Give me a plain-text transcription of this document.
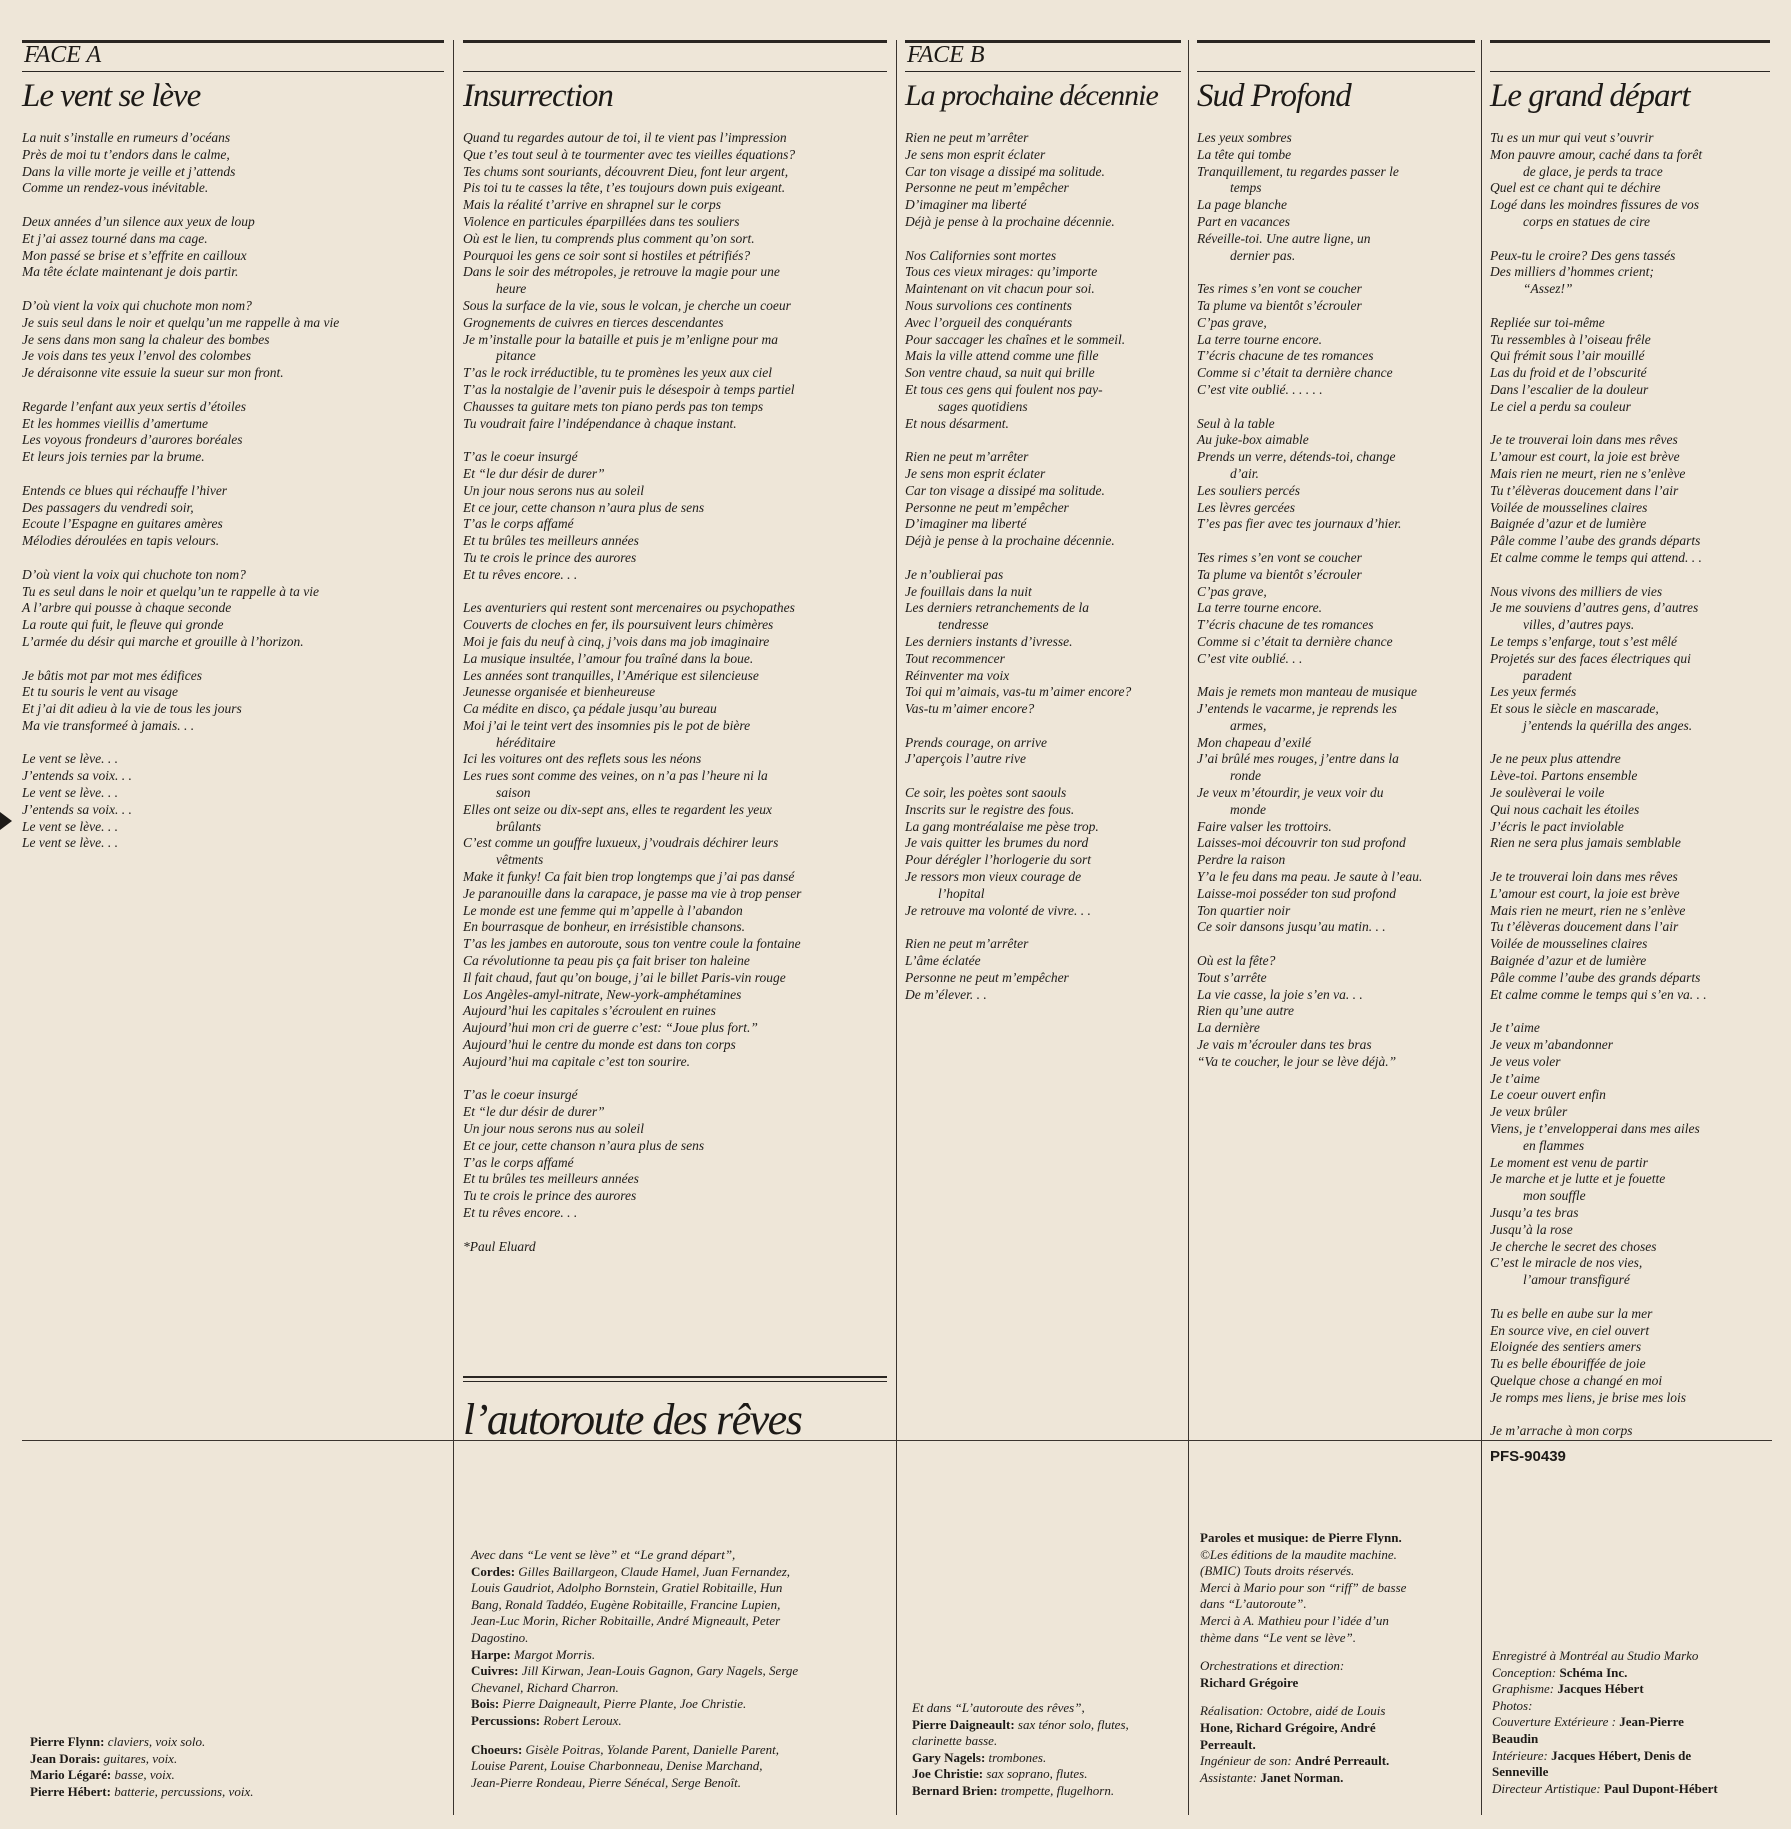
FACE A
Le vent se lève

La nuit s’installe en rumeurs d’océans
Près de moi tu t’endors dans le calme,
Dans la ville morte je veille et j’attends
Comme un rendez-vous inévitable.

Deux années d’un silence aux yeux de loup
Et j’ai assez tourné dans ma cage.
Mon passé se brise et s’effrite en cailloux
Ma tête éclate maintenant je dois partir.

D’où vient la voix qui chuchote mon nom?
Je suis seul dans le noir et quelqu’un me rappelle à ma vie
Je sens dans mon sang la chaleur des bombes
Je vois dans tes yeux l’envol des colombes
Je déraisonne vite essuie la sueur sur mon front.

Regarde l’enfant aux yeux sertis d’étoiles
Et les hommes vieillis d’amertume
Les voyous frondeurs d’aurores boréales
Et leurs jois ternies par la brume.

Entends ce blues qui réchauffe l’hiver
Des passagers du vendredi soir,
Ecoute l’Espagne en guitares amères
Mélodies déroulées en tapis velours.

D’où vient la voix qui chuchote ton nom?
Tu es seul dans le noir et quelqu’un te rappelle à ta vie
A l’arbre qui pousse à chaque seconde
La route qui fuit, le fleuve qui gronde
L’armée du désir qui marche et grouille à l’horizon.

Je bâtis mot par mot mes édifices
Et tu souris le vent au visage
Et j’ai dit adieu à la vie de tous les jours
Ma vie transformeé à jamais. . .

Le vent se lève. . .
J’entends sa voix. . .
Le vent se lève. . .
J’entends sa voix. . .
Le vent se lève. . .
Le vent se lève. . .

Insurrection

Quand tu regardes autour de toi, il te vient pas l’impression
Que t’es tout seul à te tourmenter avec tes vieilles équations?
Tes chums sont souriants, découvrent Dieu, font leur argent,
Pis toi tu te casses la tête, t’es toujours down puis exigeant.
Mais la réalité t’arrive en shrapnel sur le corps
Violence en particules éparpillées dans tes souliers
Où est le lien, tu comprends plus comment qu’on sort.
Pourquoi les gens ce soir sont si hostiles et pétrifiés?
Dans le soir des métropoles, je retrouve la magie pour une
heure
Sous la surface de la vie, sous le volcan, je cherche un coeur
Grognements de cuivres en tierces descendantes
Je m’installe pour la bataille et puis je m’enligne pour ma
pitance
T’as le rock irréductible, tu te promènes les yeux aux ciel
T’as la nostalgie de l’avenir puis le désespoir à temps partiel
Chausses ta guitare mets ton piano perds pas ton temps
Tu voudrait faire l’indépendance à chaque instant.

T’as le coeur insurgé
Et “le dur désir de durer”
Un jour nous serons nus au soleil
Et ce jour, cette chanson n’aura plus de sens
T’as le corps affamé
Et tu brûles tes meilleurs années
Tu te crois le prince des aurores
Et tu rêves encore. . .

Les aventuriers qui restent sont mercenaires ou psychopathes
Couverts de cloches en fer, ils poursuivent leurs chimères
Moi je fais du neuf à cinq, j’vois dans ma job imaginaire
La musique insultée, l’amour fou traîné dans la boue.
Les années sont tranquilles, l’Amérique est silencieuse
Jeunesse organisée et bienheureuse
Ca médite en disco, ça pédale jusqu’au bureau
Moi j’ai le teint vert des insomnies pis le pot de bière
héréditaire
Ici les voitures ont des reflets sous les néons
Les rues sont comme des veines, on n’a pas l’heure ni la
saison
Elles ont seize ou dix-sept ans, elles te regardent les yeux
brûlants
C’est comme un gouffre luxueux, j’voudrais déchirer leurs
vêtments
Make it funky! Ca fait bien trop longtemps que j’ai pas dansé
Je paranouille dans la carapace, je passe ma vie à trop penser
Le monde est une femme qui m’appelle à l’abandon
En bourrasque de bonheur, en irrésistible chansons.
T’as les jambes en autoroute, sous ton ventre coule la fontaine
Ca révolutionne ta peau pis ça fait briser ton haleine
Il fait chaud, faut qu’on bouge, j’ai le billet Paris-vin rouge
Los Angèles-amyl-nitrate, New-york-amphétamines
Aujourd’hui les capitales s’écroulent en ruines
Aujourd’hui mon cri de guerre c’est: “Joue plus fort.”
Aujourd’hui le centre du monde est dans ton corps
Aujourd’hui ma capitale c’est ton sourire.

T’as le coeur insurgé
Et “le dur désir de durer”
Un jour nous serons nus au soleil
Et ce jour, cette chanson n’aura plus de sens
T’as le corps affamé
Et tu brûles tes meilleurs années
Tu te crois le prince des aurores
Et tu rêves encore. . .

*Paul Eluard

FACE B
La prochaine décennie

Rien ne peut m’arrêter
Je sens mon esprit éclater
Car ton visage a dissipé ma solitude.
Personne ne peut m’empêcher
D’imaginer ma liberté
Déjà je pense à la prochaine décennie.

Nos Californies sont mortes
Tous ces vieux mirages: qu’importe
Maintenant on vit chacun pour soi.
Nous survolions ces continents
Avec l’orgueil des conquérants
Pour saccager les chaînes et le sommeil.
Mais la ville attend comme une fille
Son ventre chaud, sa nuit qui brille
Et tous ces gens qui foulent nos pay-
sages quotidiens
Et nous désarment.

Rien ne peut m’arrêter
Je sens mon esprit éclater
Car ton visage a dissipé ma solitude.
Personne ne peut m’empêcher
D’imaginer ma liberté
Déjà je pense à la prochaine décennie.

Je n’oublierai pas
Je fouillais dans la nuit
Les derniers retranchements de la
tendresse
Les derniers instants d’ivresse.
Tout recommencer
Réinventer ma voix
Toi qui m’aimais, vas-tu m’aimer encore?
Vas-tu m’aimer encore?

Prends courage, on arrive
J’aperçois l’autre rive

Ce soir, les poètes sont saouls
Inscrits sur le registre des fous.
La gang montréalaise me pèse trop.
Je vais quitter les brumes du nord
Pour dérégler l’horlogerie du sort
Je ressors mon vieux courage de
l’hopital
Je retrouve ma volonté de vivre. . .

Rien ne peut m’arrêter
L’âme éclatée
Personne ne peut m’empêcher
De m’élever. . .

Sud Profond

Les yeux sombres
La tête qui tombe
Tranquillement, tu regardes passer le
temps
La page blanche
Part en vacances
Réveille-toi. Une autre ligne, un
dernier pas.

Tes rimes s’en vont se coucher
Ta plume va bientôt s’écrouler
C’pas grave,
La terre tourne encore.
T’écris chacune de tes romances
Comme si c’était ta dernière chance
C’est vite oublié. . . . . .

Seul à la table
Au juke-box aimable
Prends un verre, détends-toi, change
d’air.
Les souliers percés
Les lèvres gercées
T’es pas fier avec tes journaux d’hier.

Tes rimes s’en vont se coucher
Ta plume va bientôt s’écrouler
C’pas grave,
La terre tourne encore.
T’écris chacune de tes romances
Comme si c’était ta dernière chance
C’est vite oublié. . .

Mais je remets mon manteau de musique
J’entends le vacarme, je reprends les
armes,
Mon chapeau d’exilé
J’ai brûlé mes rouges, j’entre dans la
ronde
Je veux m’étourdir, je veux voir du
monde
Faire valser les trottoirs.
Laisses-moi découvrir ton sud profond
Perdre la raison
Y’a le feu dans ma peau. Je saute à l’eau.
Laisse-moi posséder ton sud profond
Ton quartier noir
Ce soir dansons jusqu’au matin. . .

Où est la fête?
Tout s’arrête
La vie casse, la joie s’en va. . .
Rien qu’une autre
La dernière
Je vais m’écrouler dans tes bras
“Va te coucher, le jour se lève déjà.”

Le grand départ

Tu es un mur qui veut s’ouvrir
Mon pauvre amour, caché dans ta forêt
de glace, je perds ta trace
Quel est ce chant qui te déchire
Logé dans les moindres fissures de vos
corps en statues de cire

Peux-tu le croire? Des gens tassés
Des milliers d’hommes crient;
“Assez!”

Repliée sur toi-même
Tu ressembles à l’oiseau frêle
Qui frémit sous l’air mouillé
Las du froid et de l’obscurité
Dans l’escalier de la douleur
Le ciel a perdu sa couleur

Je te trouverai loin dans mes rêves
L’amour est court, la joie est brève
Mais rien ne meurt, rien ne s’enlève
Tu t’élèveras doucement dans l’air
Voilée de mousselines claires
Baignée d’azur et de lumière
Pâle comme l’aube des grands départs
Et calme comme le temps qui attend. . .

Nous vivons des milliers de vies
Je me souviens d’autres gens, d’autres
villes, d’autres pays.
Le temps s’enfarge, tout s’est mêlé
Projetés sur des faces électriques qui
paradent
Les yeux fermés
Et sous le siècle en mascarade,
j’entends la quérilla des anges.

Je ne peux plus attendre
Lève-toi. Partons ensemble
Je soulèverai le voile
Qui nous cachait les étoiles
J’écris le pact inviolable
Rien ne sera plus jamais semblable

Je te trouverai loin dans mes rêves
L’amour est court, la joie est brève
Mais rien ne meurt, rien ne s’enlève
Tu t’élèveras doucement dans l’air
Voilée de mousselines claires
Baignée d’azur et de lumière
Pâle comme l’aube des grands départs
Et calme comme le temps qui s’en va. . .

Je t’aime
Je veux m’abandonner
Je veus voler
Je t’aime
Le coeur ouvert enfin
Je veux brûler
Viens, je t’envelopperai dans mes ailes
en flammes
Le moment est venu de partir
Je marche et je lutte et je fouette
mon souffle
Jusqu’a tes bras
Jusqu’à la rose
Je cherche le secret des choses
C’est le miracle de nos vies,
l’amour transfiguré

Tu es belle en aube sur la mer
En source vive, en ciel ouvert
Eloignée des sentiers amers
Tu es belle ébouriffée de joie
Quelque chose a changé en moi
Je romps mes liens, je brise mes lois

Je m’arrache à mon corps

l’autoroute des rêves
PFS-90439
Pierre Flynn: claviers, voix solo.
Jean Dorais: guitares, voix.
Mario Légaré: basse, voix.
Pierre Hébert: batterie, percussions, voix.
Avec dans “Le vent se lève” et “Le grand départ”,
Cordes: Gilles Baillargeon, Claude Hamel, Juan Fernandez,
Louis Gaudriot, Adolpho Bornstein, Gratiel Robitaille, Hun
Bang, Ronald Taddéo, Eugène Robitaille, Francine Lupien,
Jean-Luc Morin, Richer Robitaille, André Migneault, Peter
Dagostino.
Harpe: Margot Morris.
Cuivres: Jill Kirwan, Jean-Louis Gagnon, Gary Nagels, Serge
Chevanel, Richard Charron.
Bois: Pierre Daigneault, Pierre Plante, Joe Christie.
Percussions: Robert Leroux.
Choeurs: Gisèle Poitras, Yolande Parent, Danielle Parent,
Louise Parent, Louise Charbonneau, Denise Marchand,
Jean-Pierre Rondeau, Pierre Sénécal, Serge Benoît.
Et dans “L’autoroute des rêves”,
Pierre Daigneault: sax ténor solo, flutes,
clarinette basse.
Gary Nagels: trombones.
Joe Christie: sax soprano, flutes.
Bernard Brien: trompette, flugelhorn.
Paroles et musique: de Pierre Flynn.
©Les éditions de la maudite machine.
(BMIC) Touts droits réservés.
Merci à Mario pour son “riff” de basse
dans “L’autoroute”.
Merci à A. Mathieu pour l’idée d’un
thème dans “Le vent se lève”.
Orchestrations et direction:
Richard Grégoire
Réalisation: Octobre, aidé de Louis
Hone, Richard Grégoire, André
Perreault.
Ingénieur de son: André Perreault.
Assistante: Janet Norman.
Enregistré à Montréal au Studio Marko
Conception: Schéma Inc.
Graphisme: Jacques Hébert
Photos:
Couverture Extérieure : Jean-Pierre
Beaudin
Intérieure: Jacques Hébert, Denis de
Senneville
Directeur Artistique: Paul Dupont-Hébert
